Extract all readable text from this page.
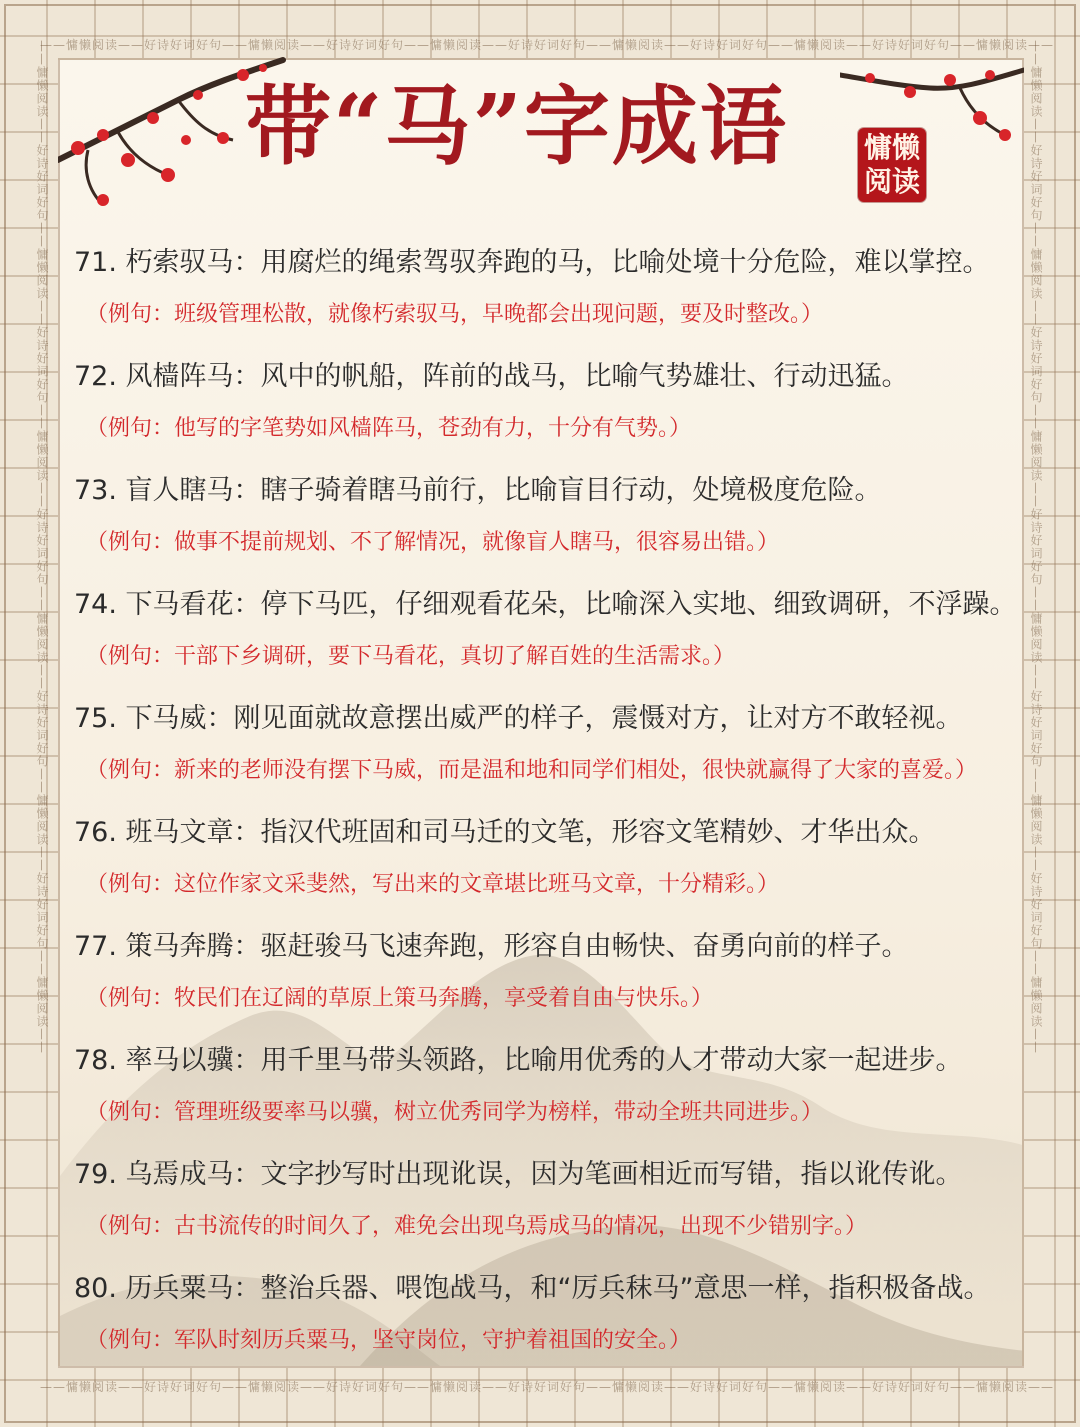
——慵懒阅读——好诗好词好句——慵懒阅读——好诗好词好句——慵懒阅读——好诗好词好句——慵懒阅读——好诗好词好句——慵懒阅读——好诗好词好句——慵懒阅读——
——慵懒阅读——好诗好词好句——慵懒阅读——好诗好词好句——慵懒阅读——好诗好词好句——慵懒阅读——好诗好词好句——慵懒阅读——好诗好词好句——慵懒阅读——
——慵懒阅读——好诗好词好句——慵懒阅读——好诗好词好句——慵懒阅读——好诗好词好句——慵懒阅读——好诗好词好句——慵懒阅读——好诗好词好句——慵懒阅读——	——慵懒阅读——好诗好词好句——慵懒阅读——好诗好词好句——慵懒阅读——好诗好词好句——慵懒阅读——好诗好词好句——慵懒阅读——好诗好词好句——慵懒阅读——
带“马”字成语	慵懒
阅读
71. 朽索驭马：用腐烂的绳索驾驭奔跑的马，比喻处境十分危险，难以掌控。
（例句：班级管理松散，就像朽索驭马，早晚都会出现问题，要及时整改。）
72. 风樯阵马：风中的帆船，阵前的战马，比喻气势雄壮、行动迅猛。
（例句：他写的字笔势如风樯阵马，苍劲有力，十分有气势。）
73. 盲人瞎马：瞎子骑着瞎马前行，比喻盲目行动，处境极度危险。
（例句：做事不提前规划、不了解情况，就像盲人瞎马，很容易出错。）
74. 下马看花：停下马匹，仔细观看花朵，比喻深入实地、细致调研，不浮躁。
（例句：干部下乡调研，要下马看花，真切了解百姓的生活需求。）
75. 下马威：刚见面就故意摆出威严的样子，震慑对方，让对方不敢轻视。
（例句：新来的老师没有摆下马威，而是温和地和同学们相处，很快就赢得了大家的喜爱。）
76. 班马文章：指汉代班固和司马迁的文笔，形容文笔精妙、才华出众。
（例句：这位作家文采斐然，写出来的文章堪比班马文章，十分精彩。）
77. 策马奔腾：驱赶骏马飞速奔跑，形容自由畅快、奋勇向前的样子。
（例句：牧民们在辽阔的草原上策马奔腾，享受着自由与快乐。）
78. 率马以骥：用千里马带头领路，比喻用优秀的人才带动大家一起进步。
（例句：管理班级要率马以骥，树立优秀同学为榜样，带动全班共同进步。）
79. 乌焉成马：文字抄写时出现讹误，因为笔画相近而写错，指以讹传讹。
（例句：古书流传的时间久了，难免会出现乌焉成马的情况，出现不少错别字。）
80. 历兵粟马：整治兵器、喂饱战马，和“厉兵秣马”意思一样，指积极备战。
（例句：军队时刻历兵粟马，坚守岗位，守护着祖国的安全。）
